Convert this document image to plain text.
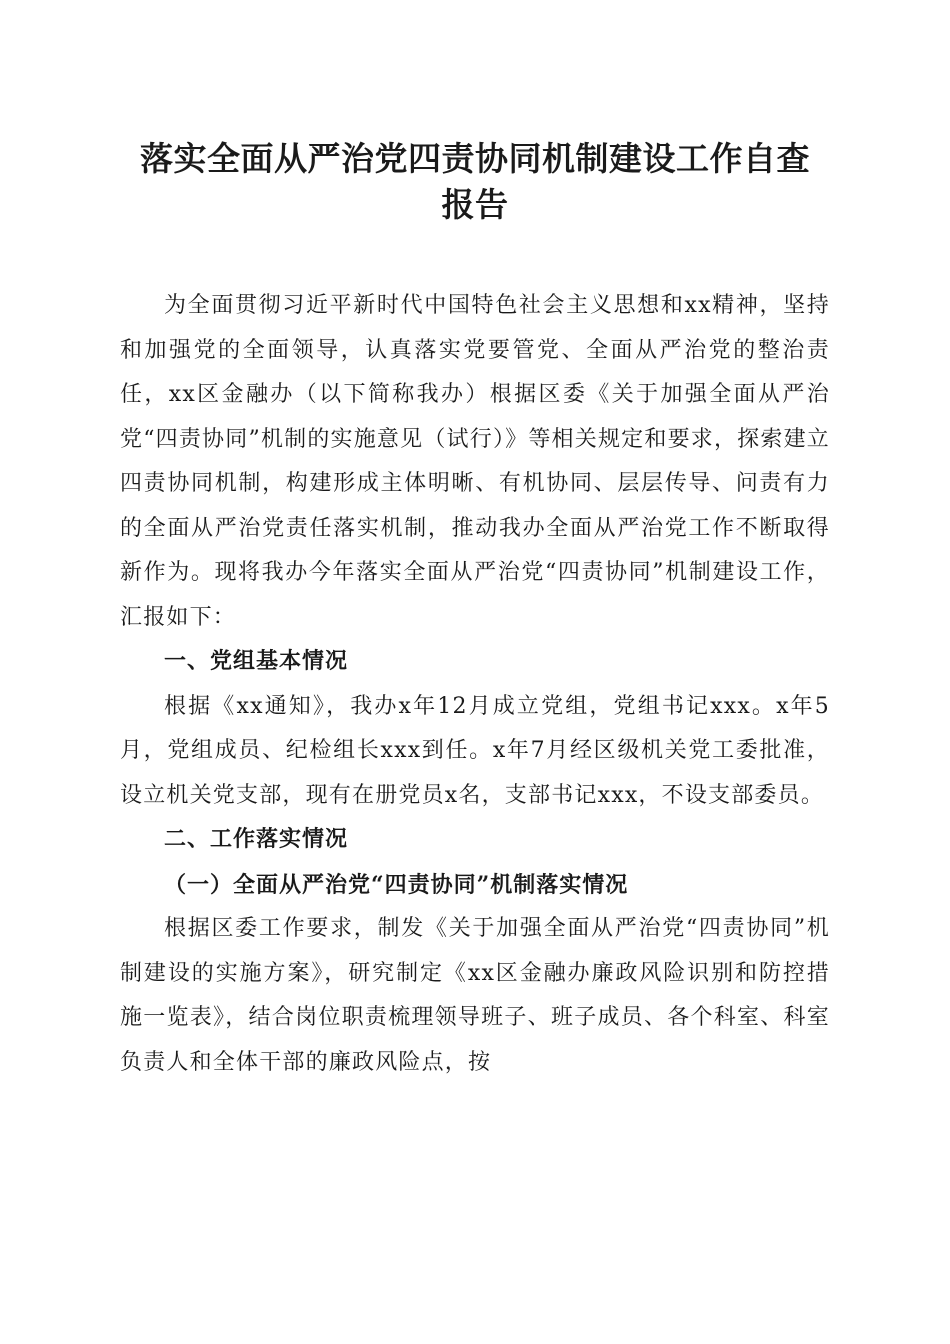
落实全面从严治党四责协同机制建设工作自查
报告

为全面贯彻习近平新时代中国特色社会主义思想和xx精神，坚持和加强党的全面领导，认真落实党要管党、全面从严治党的整治责任，xx区金融办（以下简称我办）根据区委《关于加强全面从严治党“四责协同”机制的实施意见（试行）》等相关规定和要求，探索建立四责协同机制，构建形成主体明晰、有机协同、层层传导、问责有力的全面从严治党责任落实机制，推动我办全面从严治党工作不断取得新作为。现将我办今年落实全面从严治党“四责协同”机制建设工作，汇报如下：

一、党组基本情况

根据《xx通知》，我办x年12月成立党组，党组书记xxx。x年5月，党组成员、纪检组长xxx到任。x年7月经区级机关党工委批准，设立机关党支部，现有在册党员x名，支部书记xxx，不设支部委员。

二、工作落实情况

（一）全面从严治党“四责协同”机制落实情况

根据区委工作要求，制发《关于加强全面从严治党“四责协同”机制建设的实施方案》，研究制定《xx区金融办廉政风险识别和防控措施一览表》，结合岗位职责梳理领导班子、班子成员、各个科室、科室负责人和全体干部的廉政风险点，按
